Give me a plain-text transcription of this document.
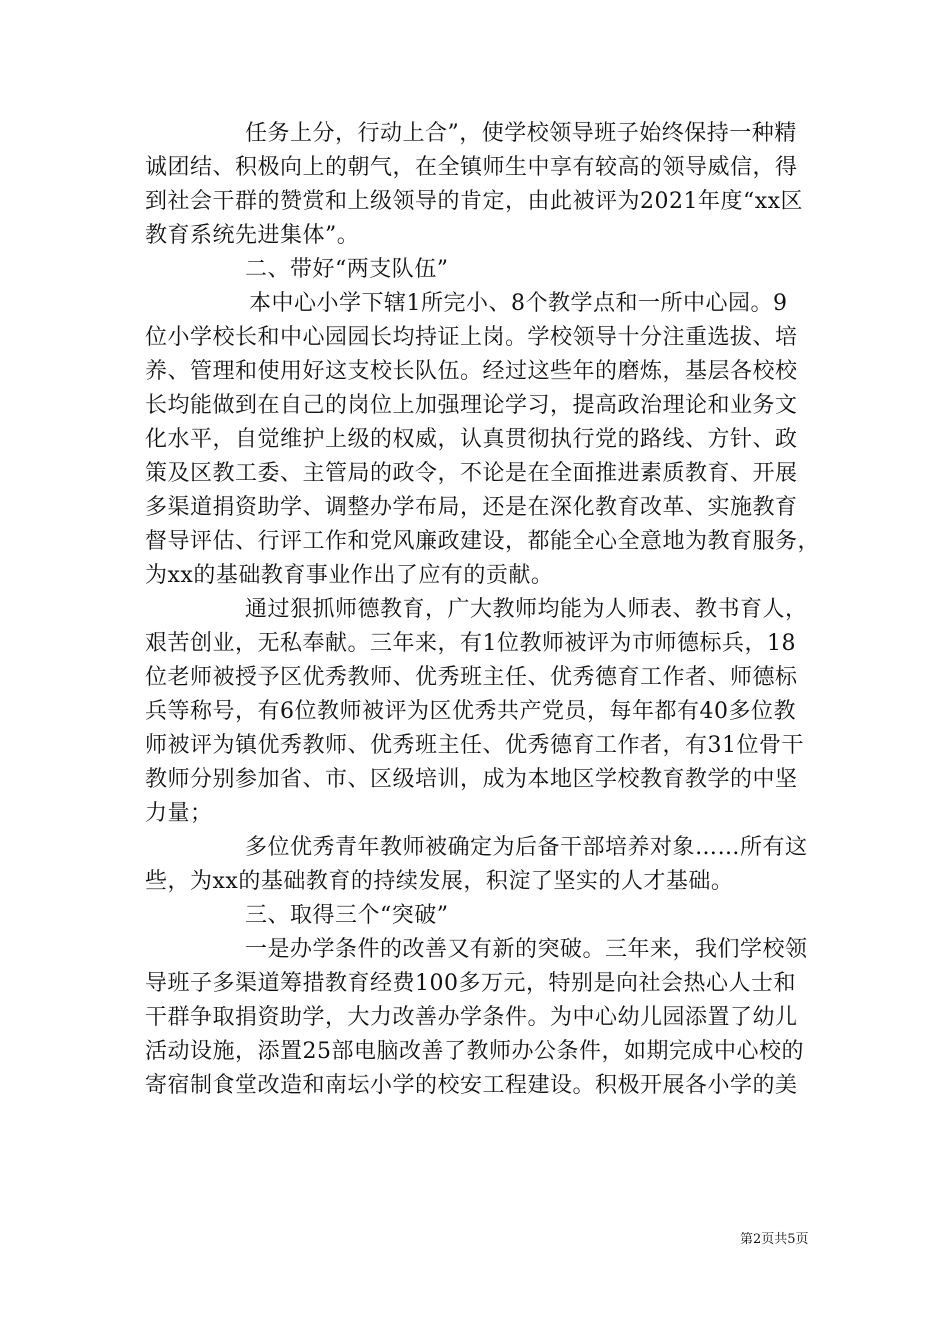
任务上分，行动上合”，使学校领导班子始终保持一种精
诚团结、积极向上的朝气，在全镇师生中享有较高的领导威信，得
到社会干群的赞赏和上级领导的肯定，由此被评为2021年度“xx区
教育系统先进集体”。
二、带好“两支队伍”
本中心小学下辖1所完小、8个教学点和一所中心园。9
位小学校长和中心园园长均持证上岗。学校领导十分注重选拔、培
养、管理和使用好这支校长队伍。经过这些年的磨炼，基层各校校
长均能做到在自己的岗位上加强理论学习，提高政治理论和业务文
化水平，自觉维护上级的权威，认真贯彻执行党的路线、方针、政
策及区教工委、主管局的政令，不论是在全面推进素质教育、开展
多渠道捐资助学、调整办学布局，还是在深化教育改革、实施教育
督导评估、行评工作和党风廉政建设，都能全心全意地为教育服务，
为xx的基础教育事业作出了应有的贡献。
通过狠抓师德教育，广大教师均能为人师表、教书育人，
艰苦创业，无私奉献。三年来，有1位教师被评为市师德标兵，18
位老师被授予区优秀教师、优秀班主任、优秀德育工作者、师德标
兵等称号，有6位教师被评为区优秀共产党员，每年都有40多位教
师被评为镇优秀教师、优秀班主任、优秀德育工作者，有31位骨干
教师分别参加省、市、区级培训，成为本地区学校教育教学的中坚
力量；
多位优秀青年教师被确定为后备干部培养对象……所有这
些，为xx的基础教育的持续发展，积淀了坚实的人才基础。
三、取得三个“突破”
一是办学条件的改善又有新的突破。三年来，我们学校领
导班子多渠道筹措教育经费100多万元，特别是向社会热心人士和
干群争取捐资助学，大力改善办学条件。为中心幼儿园添置了幼儿
活动设施，添置25部电脑改善了教师办公条件，如期完成中心校的
寄宿制食堂改造和南坛小学的校安工程建设。积极开展各小学的美
第2页共5页
